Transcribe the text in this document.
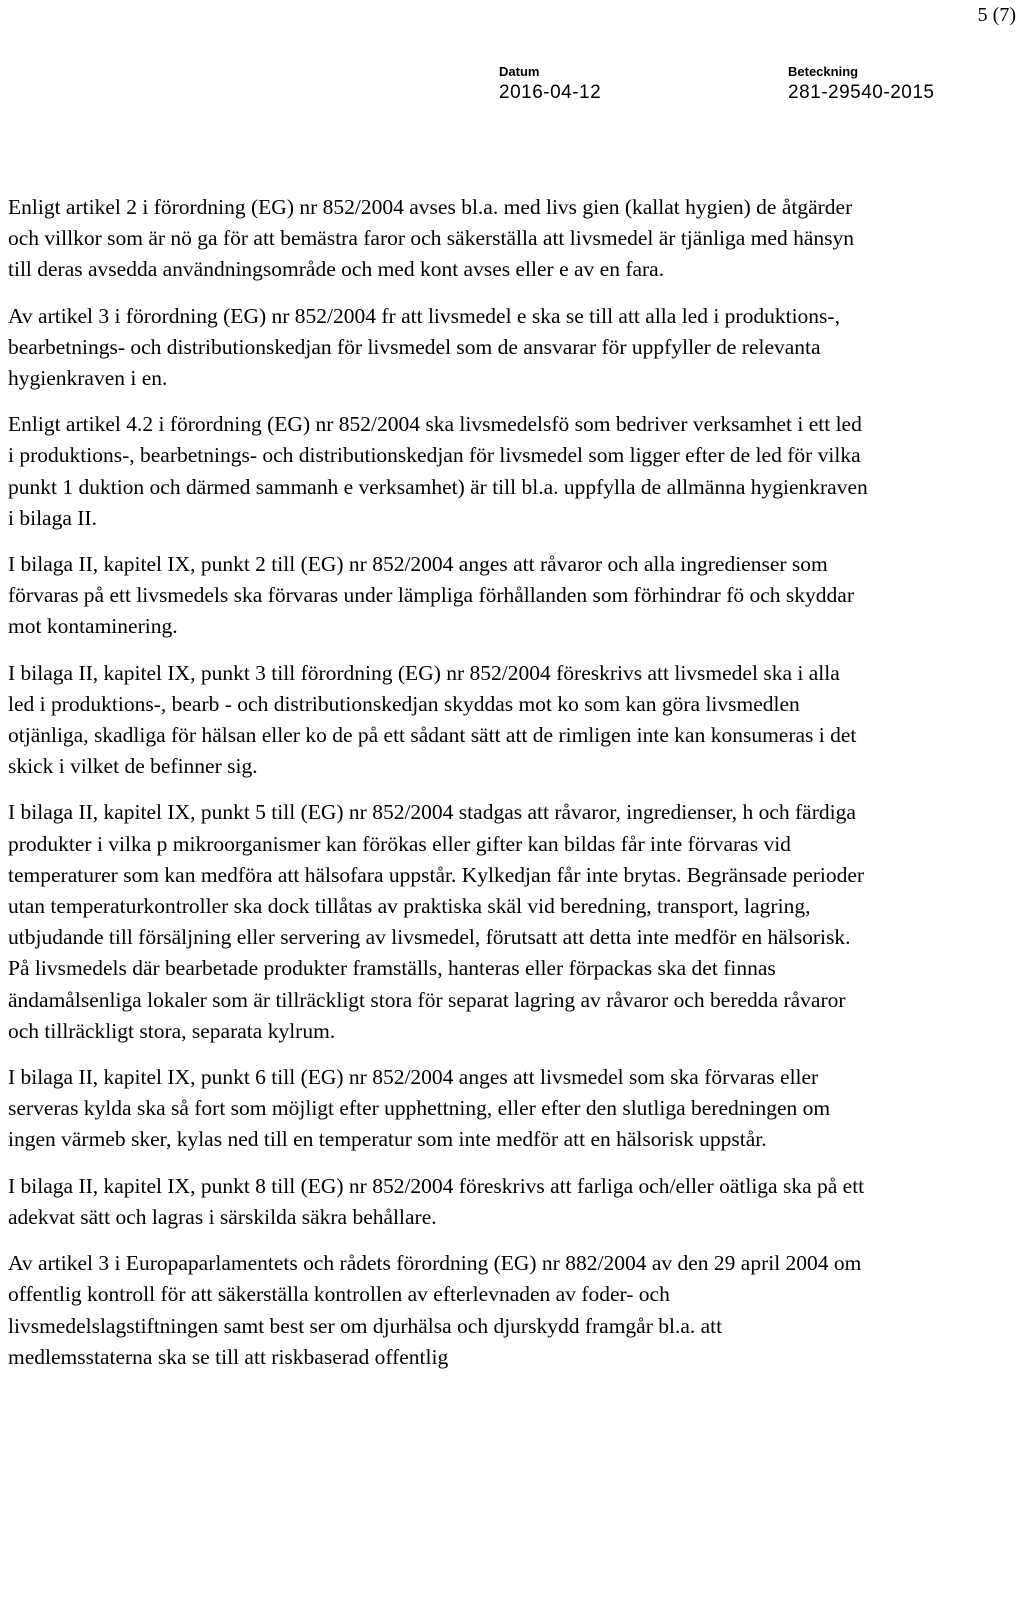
5 (7)
Datum
2016-04-12
Beteckning
281-29540-2015

Enligt artikel 2 i förordning (EG) nr 852/2004 avses bl.a. med livs gien (kallat hygien) de åtgärder och villkor som är nö ga för att bemästra faror och säkerställa att livsmedel är tjänliga med hänsyn till deras avsedda användningsområde och med kont avses eller e av en fara.

Av artikel 3 i förordning (EG) nr 852/2004 fr att livsmedel e ska se till att alla led i produktions-, bearbetnings- och distributionskedjan för livsmedel som de ansvarar för uppfyller de relevanta hygienkraven i en.

Enligt artikel 4.2 i förordning (EG) nr 852/2004 ska livsmedelsfö som bedriver verksamhet i ett led i produktions-, bearbetnings- och distributionskedjan för livsmedel som ligger efter de led för vilka punkt 1 duktion och därmed sammanh e verksamhet) är till bl.a. uppfylla de allmänna hygienkraven i bilaga II.

I bilaga II, kapitel IX, punkt 2 till (EG) nr 852/2004 anges att råvaror och alla ingredienser som förvaras på ett livsmedels ska förvaras under lämpliga förhållanden som förhindrar fö och skyddar mot kontaminering.

I bilaga II, kapitel IX, punkt 3 till förordning (EG) nr 852/2004 föreskrivs att livsmedel ska i alla led i produktions-, bearb - och distributionskedjan skyddas mot ko som kan göra livsmedlen otjänliga, skadliga för hälsan eller ko de på ett sådant sätt att de rimligen inte kan konsumeras i det skick i vilket de befinner sig.

I bilaga II, kapitel IX, punkt 5 till (EG) nr 852/2004 stadgas att råvaror, ingredienser, h och färdiga produkter i vilka p mikroorganismer kan förökas eller gifter kan bildas får inte förvaras vid temperaturer som kan medföra att hälsofara uppstår. Kylkedjan får inte brytas. Begränsade perioder utan temperaturkontroller ska dock tillåtas av praktiska skäl vid beredning, transport, lagring, utbjudande till försäljning eller servering av livsmedel, förutsatt att detta inte medför en hälsorisk. På livsmedels där bearbetade produkter framställs, hanteras eller förpackas ska det finnas ändamålsenliga lokaler som är tillräckligt stora för separat lagring av råvaror och beredda råvaror och tillräckligt stora, separata kylrum.

I bilaga II, kapitel IX, punkt 6 till (EG) nr 852/2004 anges att livsmedel som ska förvaras eller serveras kylda ska så fort som möjligt efter upphettning, eller efter den slutliga beredningen om ingen värmeb sker, kylas ned till en temperatur som inte medför att en hälsorisk uppstår.

I bilaga II, kapitel IX, punkt 8 till (EG) nr 852/2004 föreskrivs att farliga och/eller oätliga ska på ett adekvat sätt och lagras i särskilda säkra behållare.

Av artikel 3 i Europaparlamentets och rådets förordning (EG) nr 882/2004 av den 29 april 2004 om offentlig kontroll för att säkerställa kontrollen av efterlevnaden av foder- och livsmedelslagstiftningen samt best ser om djurhälsa och djurskydd framgår bl.a. att medlemsstaterna ska se till att riskbaserad offentlig
